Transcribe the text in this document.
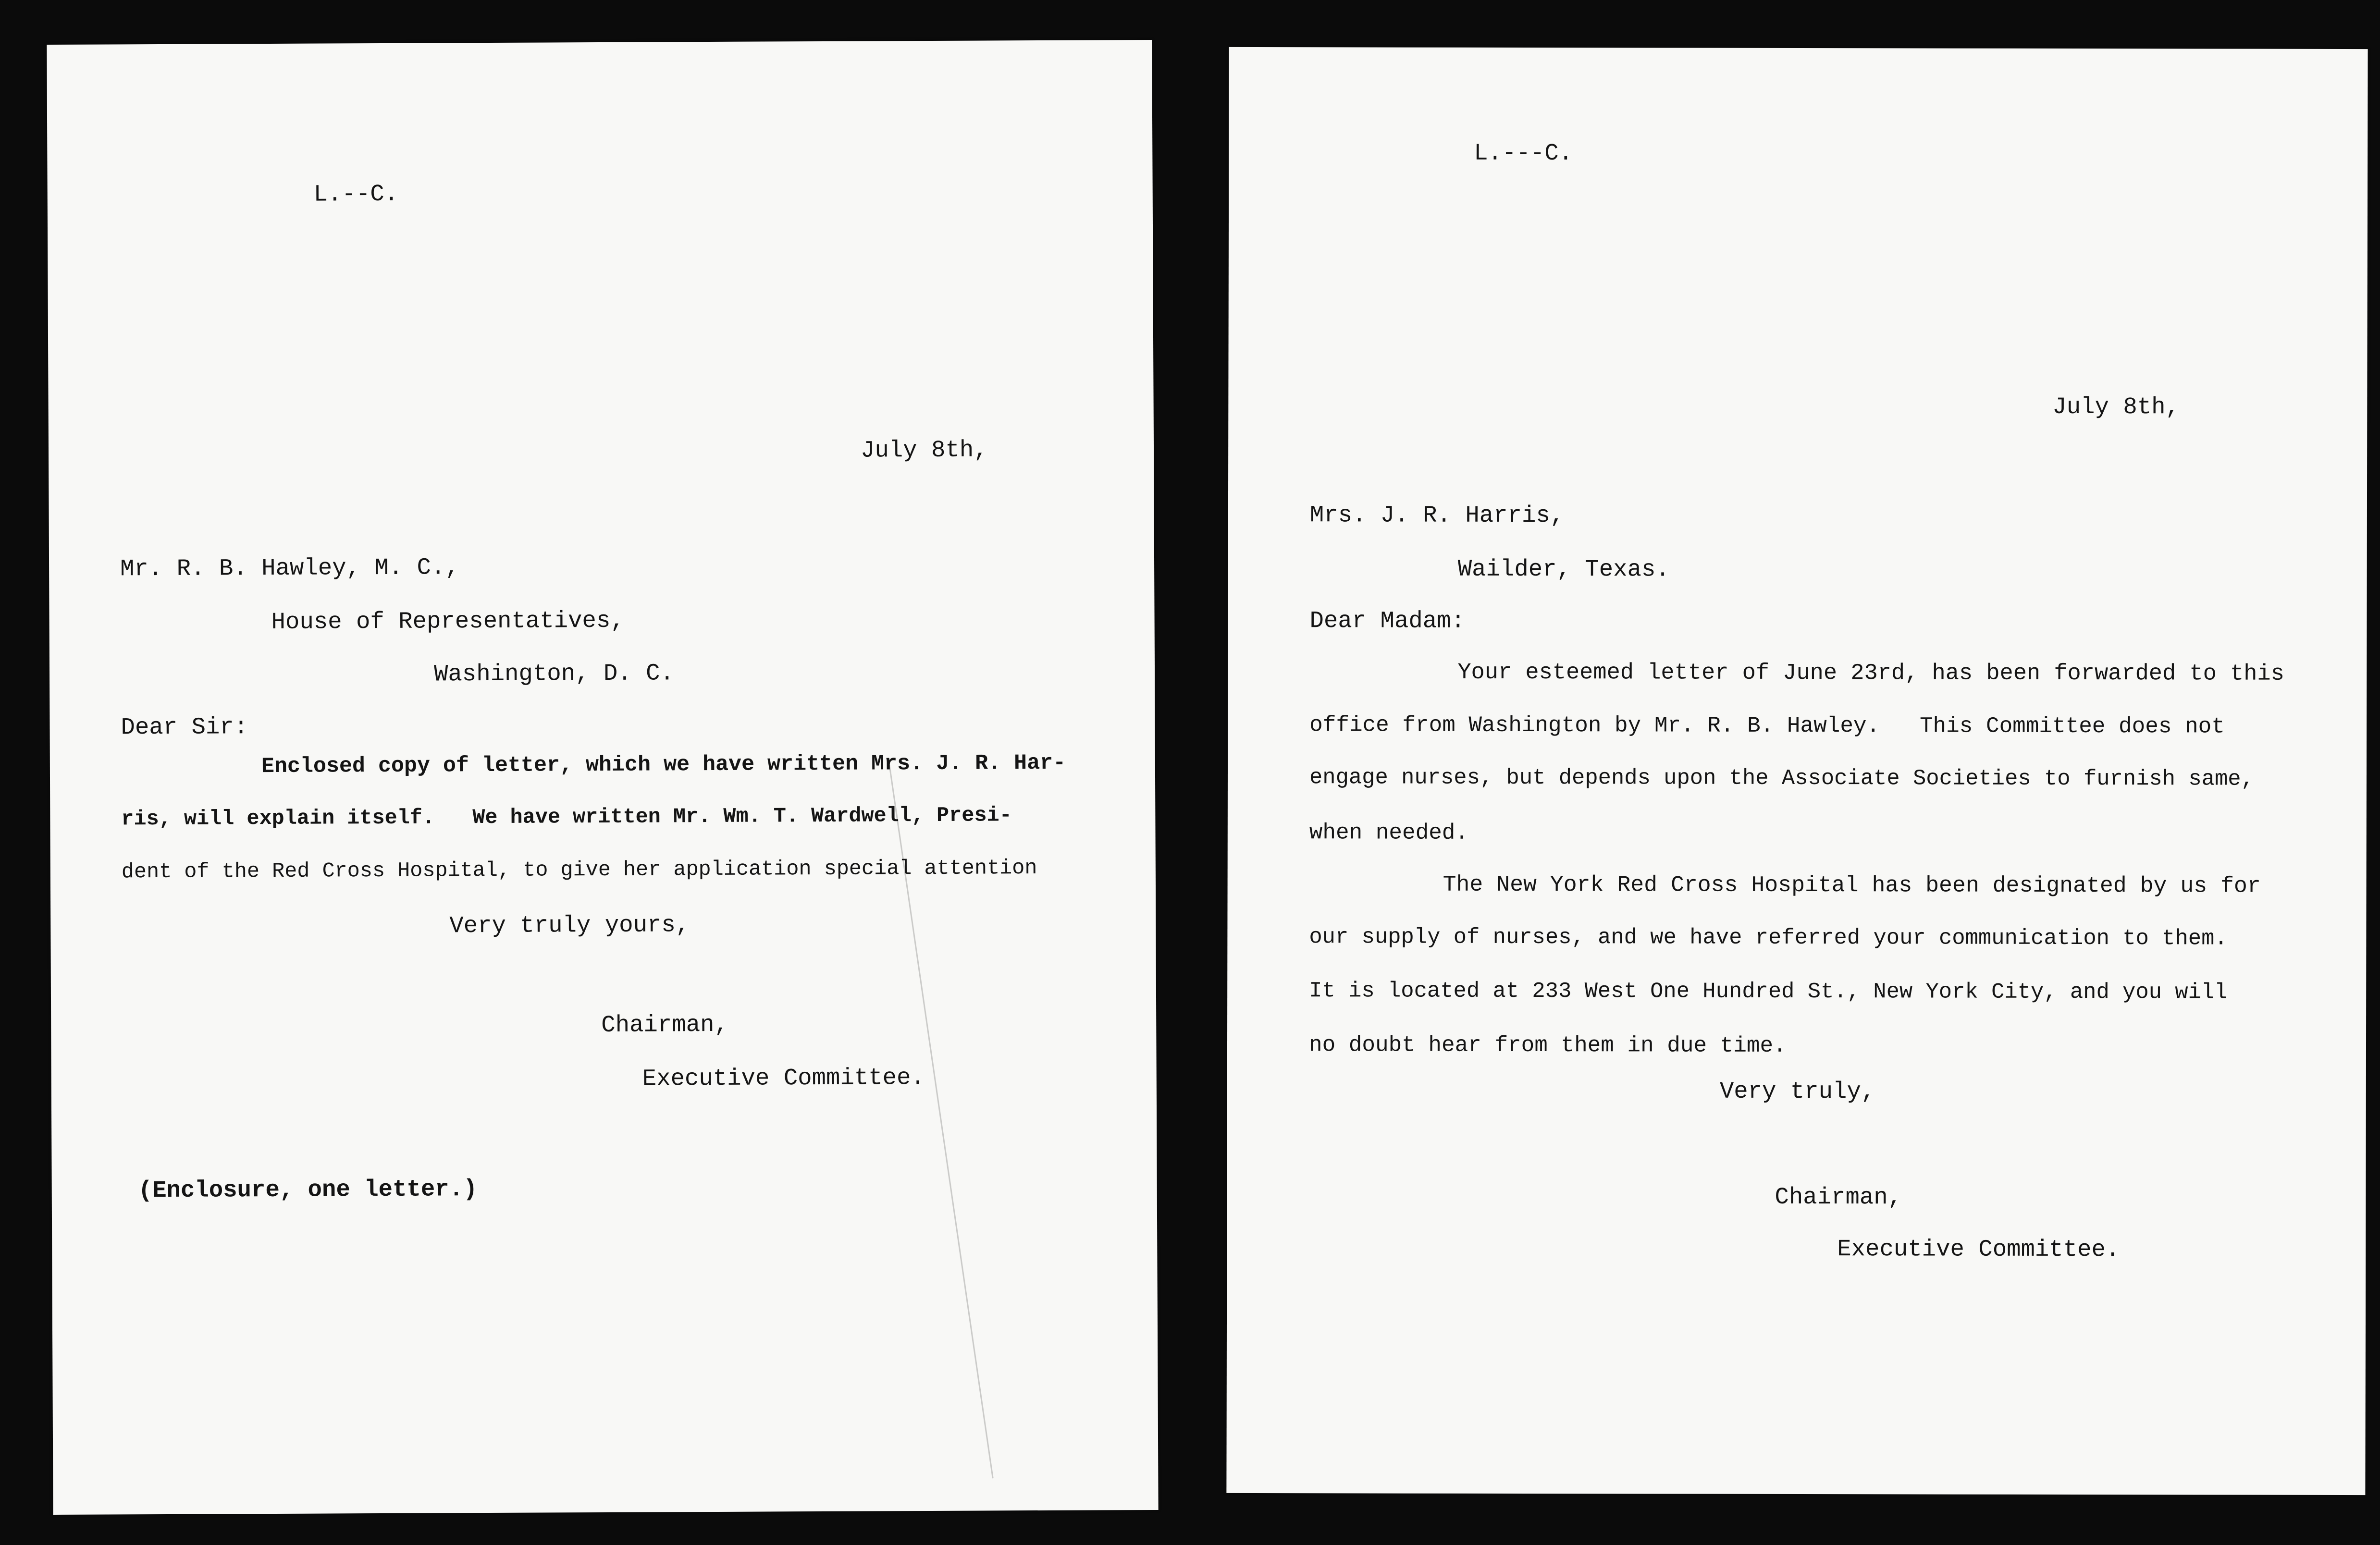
L.--C.
July 8th,
Mr. R. B. Hawley, M. C.,
House of Representatives,
Washington, D. C.
Dear Sir:
Enclosed copy of letter, which we have written Mrs. J. R. Har-
ris, will explain itself.   We have written Mr. Wm. T. Wardwell, Presi-
dent of the Red Cross Hospital, to give her application special attention
Very truly yours,
Chairman,
Executive Committee.
(Enclosure, one letter.)
L.---C.
July 8th,
Mrs. J. R. Harris,
Wailder, Texas.
Dear Madam:
Your esteemed letter of June 23rd, has been forwarded to this
office from Washington by Mr. R. B. Hawley.   This Committee does not
engage nurses, but depends upon the Associate Societies to furnish same,
when needed.
The New York Red Cross Hospital has been designated by us for
our supply of nurses, and we have referred your communication to them.
It is located at 233 West One Hundred St., New York City, and you will
no doubt hear from them in due time.
Very truly,
Chairman,
Executive Committee.
